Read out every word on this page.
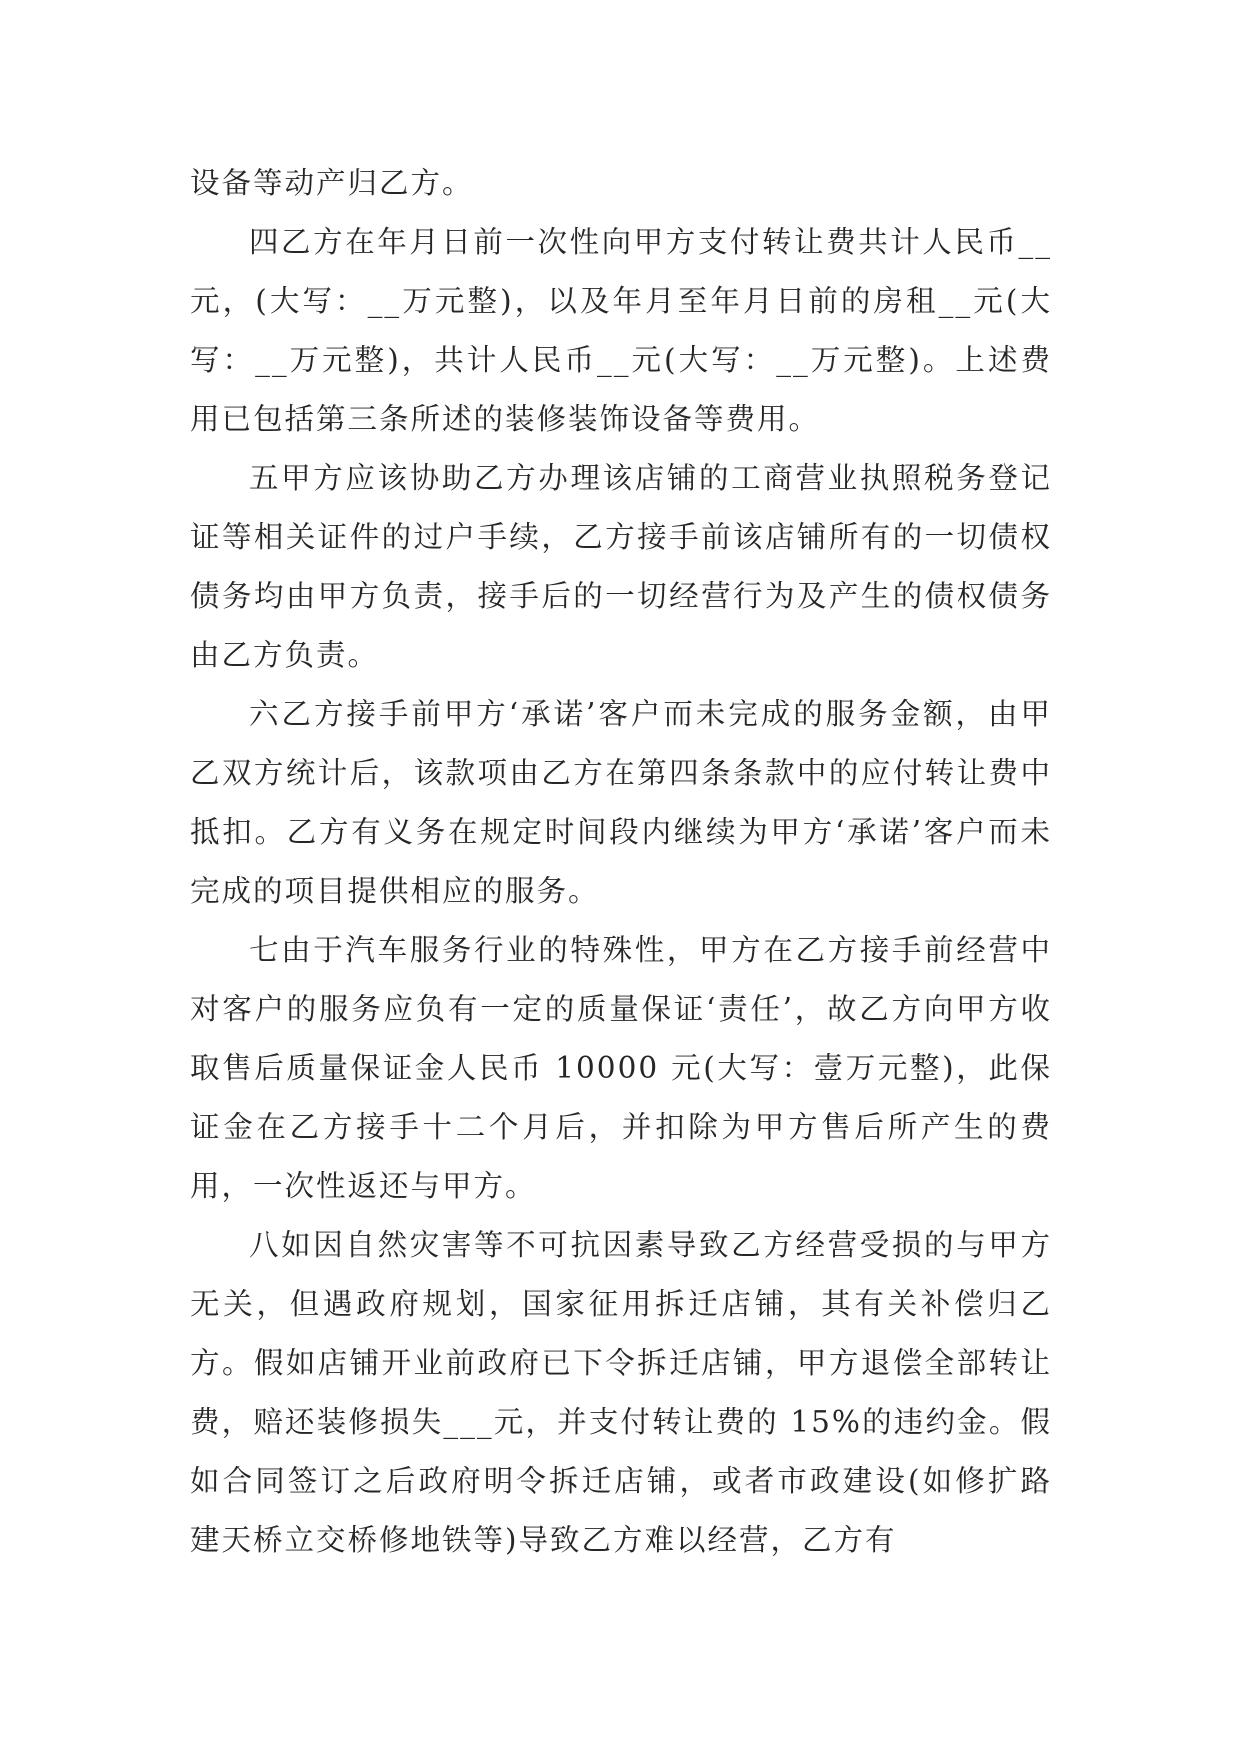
设备等动产归乙方。

四乙方在年月日前一次性向甲方支付转让费共计人民币__元，(大写：__万元整)，以及年月至年月日前的房租__元(大写：__万元整)，共计人民币__元(大写：__万元整)。上述费用已包括第三条所述的装修装饰设备等费用。

五甲方应该协助乙方办理该店铺的工商营业执照税务登记证等相关证件的过户手续，乙方接手前该店铺所有的一切债权债务均由甲方负责，接手后的一切经营行为及产生的债权债务由乙方负责。

六乙方接手前甲方‘承诺’客户而未完成的服务金额，由甲乙双方统计后，该款项由乙方在第四条条款中的应付转让费中抵扣。乙方有义务在规定时间段内继续为甲方‘承诺’客户而未完成的项目提供相应的服务。

七由于汽车服务行业的特殊性，甲方在乙方接手前经营中对客户的服务应负有一定的质量保证‘责任’，故乙方向甲方收取售后质量保证金人民币 10000 元(大写：壹万元整)，此保证金在乙方接手十二个月后，并扣除为甲方售后所产生的费用，一次性返还与甲方。

八如因自然灾害等不可抗因素导致乙方经营受损的与甲方无关，但遇政府规划，国家征用拆迁店铺，其有关补偿归乙方。假如店铺开业前政府已下令拆迁店铺，甲方退偿全部转让费，赔还装修损失___元，并支付转让费的 15%的违约金。假如合同签订之后政府明令拆迁店铺，或者市政建设(如修扩路建天桥立交桥修地铁等)导致乙方难以经营，乙方有
